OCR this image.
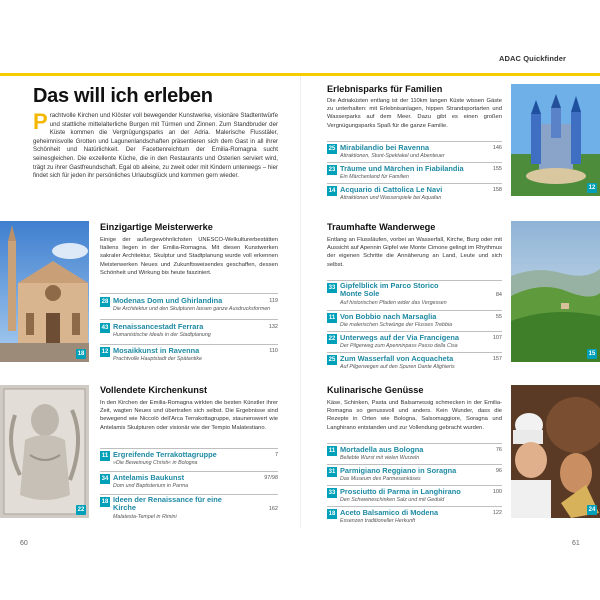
ADAC Quickfinder
Das will ich erleben
Prachtvolle Kirchen und Klöster voll bewegender Kunstwerke, visionäre Stadtentwürfe und stattliche mittelalterliche Burgen mit Türmen und Zinnen. Zum Standbruder der Küste kommen die Vergnügungsparks an der Adria. Malerische Flusstäler, geheimnisvolle Grotten und Lagunenlandschaften präsentieren sich dem Gast in all ihrer Schönheit und Natürlichkeit. Der Facettenreichtum der Emilia-Romagna sucht seinesgleichen. Die exzellente Küche, die in den Restaurants und Osterien serviert wird, trägt zu ihrer Gastfreundschaft. Egal ob alleine, zu zweit oder mit Kindern unterwegs – hier findet sich für jeden ihr persönliches Urlaubsglück und kommen gern wieder.
18
Einzigartige Meisterwerke
Einige der außergewöhnlichsten UNESCO-Welkulturerbestätten Italiens liegen in der Emilia-Romagna. Mit diesen Kunstwerken sakraler Architektur, Skulptur und Stadtplanung wurde voll erkennen Meisterwerken Neues und Zukunftsweisendes geschaffen, dessen Schönheit und Wirkung bis heute fasziniert.
28 Modenas Dom und Ghirlandina	119
Die Architektur und den Skulpturen lassen ganze Ausdrucksformen
43 Renaissancestadt Ferrara	132
Humanistische Ideals in der Stadtplanung
12 Mosaikkunst in Ravenna	110
Prachtvolle Hauptstadt der Spätantike
22
Vollendete Kirchenkunst
In den Kirchen der Emilia-Romagna wirkten die besten Künstler ihrer Zeit, wagten Neues und übertrafen sich selbst. Die Ergebnisse sind bewegend wie Niccolò dell'Arca Terrakottagruppe, staunenswert wie Antelamis Skulpturen oder visionär wie der Tempio Malatestiano.
11 Ergreifende Terrakottagruppe	7
»Die Beweinung Christi« in Bologna
34 Antelamis Baukunst	97/98
Dom und Baptisterium in Parma
18 Ideen der Renaissance für eine Kirche	162
Malatesta-Tempel in Rimini
60
Erlebnisparks für Familien
Die Adriaküsten entlang ist der 110km langen Küste wissen Gäste zu unterhalten: mit Erlebnisanlagen, hippen Strandsportarten und Wasserparks auf dem Meer. Dazu gibt es einen großen Vergnügungsparks Spaß für die ganze Familie.
12
25 Mirabilandio bei Ravenna	146
Attraktionen, Stunt-Spektakel und Abenteuer
23 Träume und Märchen in Fiabilandia	155
Ein Märchenland für Familien
14 Acquario di Cattolica Le Navi	158
Attraktionen und Wasserspiele bei Aquafan
Traumhafte Wanderwege
Entlang an Flussläufen, vorbei an Wasserfall, Kirche, Burg oder mit Aussicht auf Apennin Gipfel wie Monte Cimone gelingt im Rhythmus der eigenen Schritte die Annäherung an Land, Leute und sich selbst.
15
33 Gipfelblick im Parco Storico Monte Sole	84
Auf historischen Pfaden wider das Vergessen
11 Von Bobbio nach Marsaglia	55
Die malerischen Schwünge der Flusses Trebbia
22 Unterwegs auf der Via Francigena	107
Der Pilgerweg zum Apenninpass Passo della Cisa
25 Zum Wasserfall von Acquacheta	157
Auf Pilgerwegen auf den Spuren Dante Alighieris
Kulinarische Genüsse
Käse, Schinken, Pasta und Balsamessig schmecken in der Emilia-Romagna so genussvoll und anders. Kein Wunder, dass die Rezepte in Orten wie Bologna, Salsomaggiore, Soragna und Langhirano entstanden und zur Vollendung gebracht wurden.
24
11 Mortadella aus Bologna	76
Beliebte Wurst mit vielen Wurzeln
31 Parmigiano Reggiano in Soragna	96
Das Museum des Parmesankäses
33 Prosciutto di Parma in Langhirano	100
Den Schweineschinken Salz und mit Geduld
18 Aceto Balsamico di Modena	122
Essenzen traditioneller Herkunft
61
